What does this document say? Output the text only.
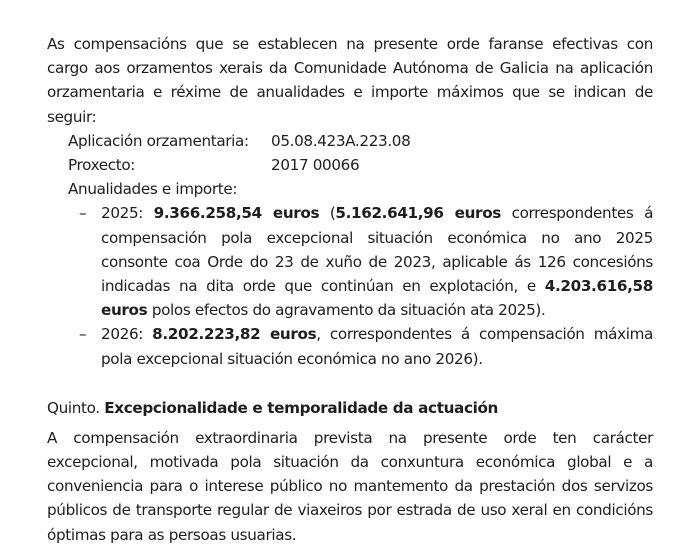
As compensacións que se establecen na presente orde faranse efectivas con cargo aos orzamentos xerais da Comunidade Autónoma de Galicia na aplicación orzamentaria e réxime de anualidades e importe máximos que se indican de seguir:

Aplicación orzamentaria:	05.08.423A.223.08
Proxecto:	2017 00066
Anualidades e importe:
– 2025: 9.366.258,54 euros (5.162.641,96 euros correspondentes á compensación pola excepcional situación económica no ano 2025 consonte coa Orde do 23 de xuño de 2023, aplicable ás 126 concesións indicadas na dita orde que continúan en explotación, e 4.203.616,58 euros polos efectos do agravamento da situación ata 2025).
– 2026: 8.202.223,82 euros, correspondentes á compensación máxima pola excepcional situación económica no ano 2026).
Quinto. Excepcionalidade e temporalidade da actuación

A compensación extraordinaria prevista na presente orde ten carácter excepcional, motivada pola situación da conxuntura económica global e a conveniencia para o interese público no mantemento da prestación dos servizos públicos de transporte regular de viaxeiros por estrada de uso xeral en condicións óptimas para as persoas usuarias.
